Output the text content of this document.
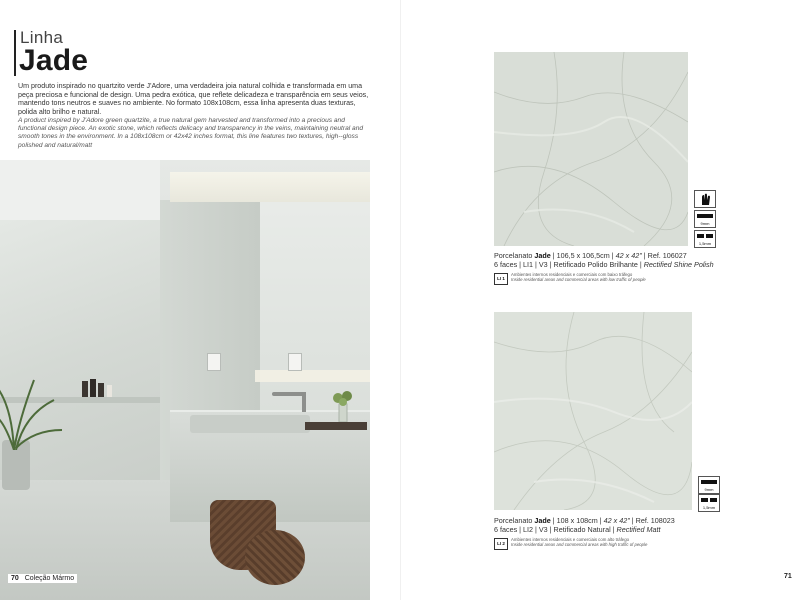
Linha
Jade
Um produto inspirado no quartzito verde J'Adore, uma verdadeira joia natural colhida e transformada em uma peça preciosa e funcional de design. Uma pedra exótica, que reflete delicadeza e transparência em seus veios, mantendo tons neutros e suaves no ambiente. No formato 108x108cm, essa linha apresenta duas texturas, polida alto brilho e natural.
A product inspired by J'Adore green quartzite, a true natural gem harvested and transformed into a precious and functional design piece. An exotic stone, which reflects delicacy and transparency in the veins, maintaining neutral and smooth tones in the environment. In a 108x108cm or 42x42 inches format, this line features two textures, high--gloss polished and natural/matt
70 Coleção Mármo
9mm
1,5mm
Porcelanato Jade | 106,5 x 106,5cm | 42 x 42" | Ref. 106027
6 faces | LI1 | V3 | Retificado Polido Brilhante | Rectified Shine Polish
LI 1
Ambientes internos residenciais e comerciais com baixo tráfego
Inside residential areas and commercial areas with low traffic of people
9mm
1,5mm
Porcelanato Jade | 108 x 108cm | 42 x 42" | Ref. 108023
6 faces | LI2 | V3 | Retificado Natural | Rectified Matt
LI 2
Ambientes internos residenciais e comerciais com alto tráfego
Inside residential areas and commercial areas with high traffic of people
71
